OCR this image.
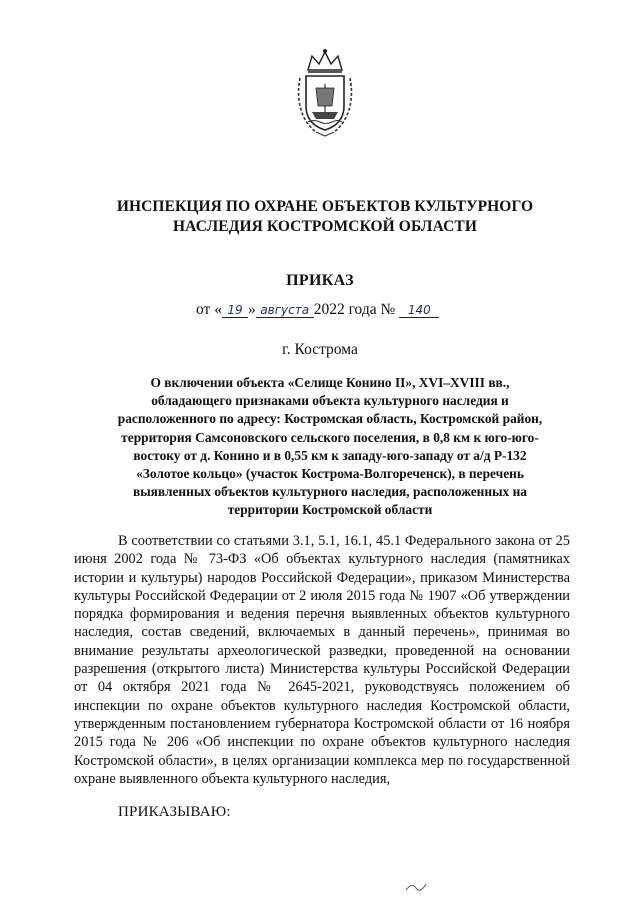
ИНСПЕКЦИЯ ПО ОХРАНЕ ОБЪЕКТОВ КУЛЬТУРНОГО
НАСЛЕДИЯ КОСТРОМСКОЙ ОБЛАСТИ
ПРИКАЗ
от « 19 » августа 2022 года № 140
г. Кострома
О включении объекта «Селище Конино II», XVI–XVIII вв.,
обладающего признаками объекта культурного наследия и
расположенного по адресу: Костромская область, Костромской район,
территория Самсоновского сельского поселения, в 0,8 км к юго-юго-
востоку от д. Конино и в 0,55 км к западу-юго-западу от а/д Р-132
«Золотое кольцо» (участок Кострома-Волгореченск), в перечень
выявленных объектов культурного наследия, расположенных на
территории Костромской области

В соответствии со статьями 3.1, 5.1, 16.1, 45.1 Федерального закона от 25 июня 2002 года № 73-ФЗ «Об объектах культурного наследия (памятниках истории и культуры) народов Российской Федерации», приказом Министерства культуры Российской Федерации от 2 июля 2015 года № 1907 «Об утверждении порядка формирования и ведения перечня выявленных объектов культурного наследия, состав сведений, включаемых в данный перечень», принимая во внимание результаты археологической разведки, проведенной на основании разрешения (открытого листа) Министерства культуры Российской Федерации от 04 октября 2021 года № 2645-2021, руководствуясь положением об инспекции по охране объектов культурного наследия Костромской области, утвержденным постановлением губернатора Костромской области от 16 ноября 2015 года № 206 «Об инспекции по охране объектов культурного наследия Костромской области», в целях организации комплекса мер по государственной охране выявленного объекта культурного наследия,

ПРИКАЗЫВАЮ:
